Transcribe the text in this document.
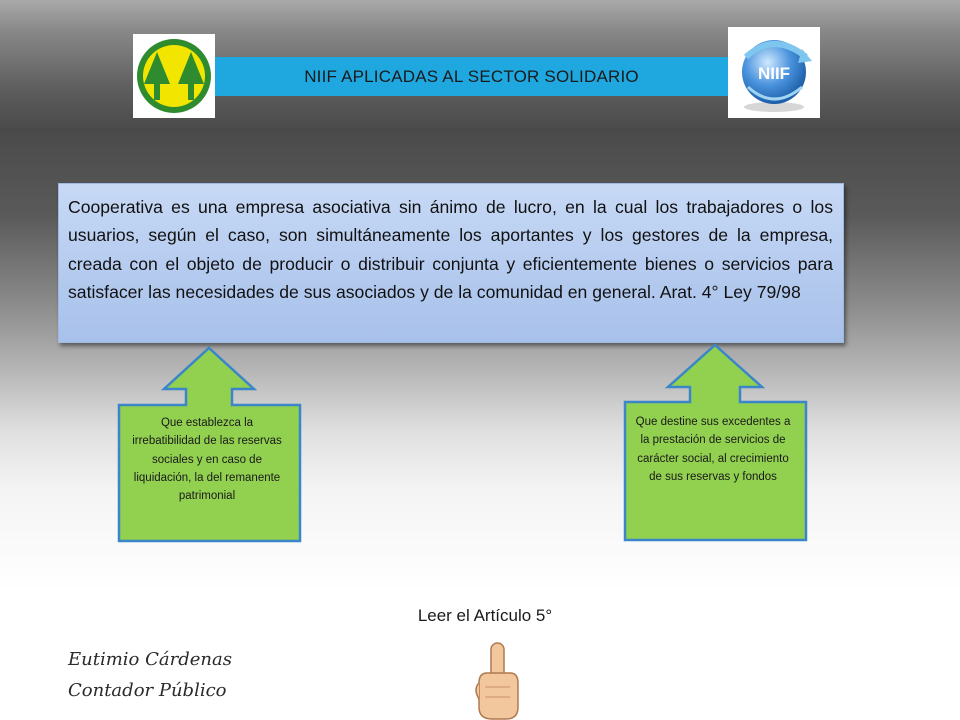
NIIF APLICADAS AL SECTOR SOLIDARIO	NIIF

Cooperativa es una empresa asociativa sin ánimo de lucro, en la cual los trabajadores o los usuarios, según el caso, son simultáneamente los aportantes y los gestores de la empresa, creada con el objeto de producir o distribuir conjunta y eficientemente bienes o servicios para satisfacer las necesidades de sus asociados y de la comunidad en general. Arat. 4° Ley 79/98

Que establezca la irrebatibilidad de las reservas sociales y en caso de liquidación, la del remanente patrimonial
Que destine sus excedentes a la prestación de servicios de carácter social, al crecimiento de sus reservas y fondos
Leer el Artículo 5°
Eutimio Cárdenas
Contador Público
